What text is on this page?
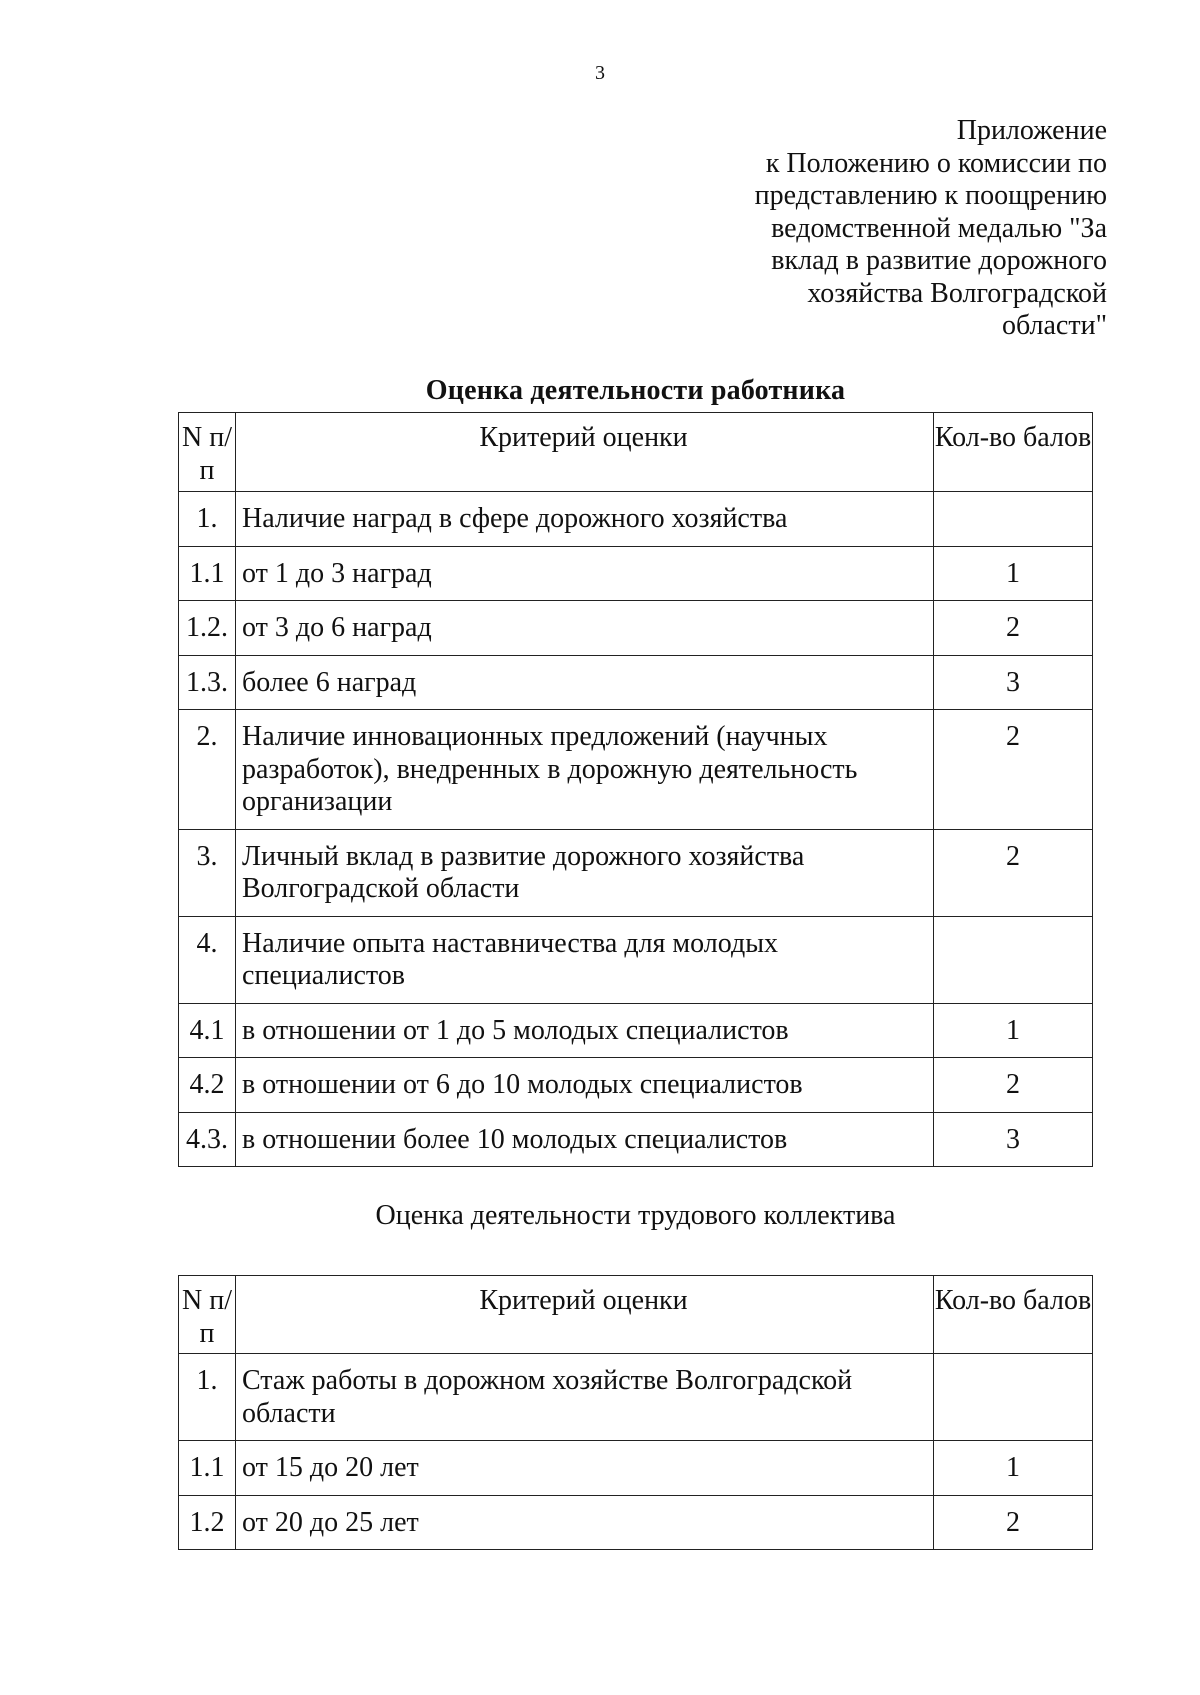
3
Приложение
к Положению о комиссии по
представлению к поощрению
ведомственной медалью "За
вклад в развитие дорожного
хозяйства Волгоградской
области"
Оценка деятельности работника
N п/п	Критерий оценки	Кол-во балов
1.	Наличие наград в сфере дорожного хозяйства	
1.1	от 1 до 3 наград	1
1.2.	от 3 до 6 наград	2
1.3.	более 6 наград	3
2.	Наличие инновационных предложений (научных разработок), внедренных в дорожную деятельность организации	2
3.	Личный вклад в развитие дорожного хозяйства Волгоградской области	2
4.	Наличие опыта наставничества для молодых специалистов	
4.1	в отношении от 1 до 5 молодых специалистов	1
4.2	в отношении от 6 до 10 молодых специалистов	2
4.3.	в отношении более 10 молодых специалистов	3
Оценка деятельности трудового коллектива
N п/п	Критерий оценки	Кол-во балов
1.	Стаж работы в дорожном хозяйстве Волгоградской области	
1.1	от 15 до 20 лет	1
1.2	от 20 до 25 лет	2
